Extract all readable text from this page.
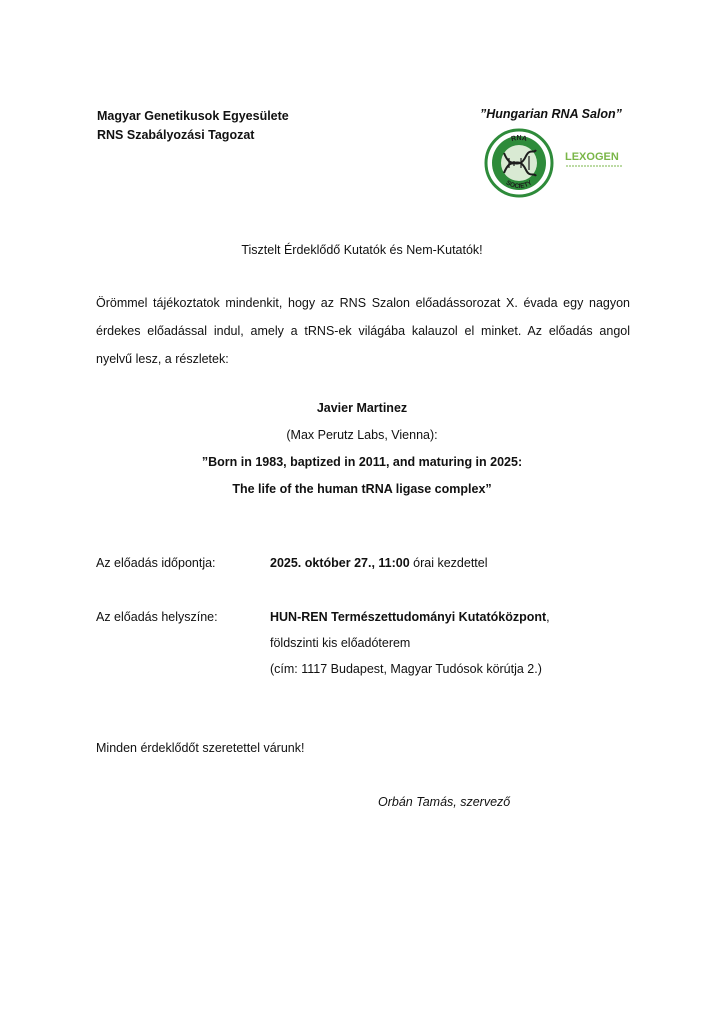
Magyar Genetikusok Egyesülete
RNS Szabályozási Tagozat
”Hungarian RNA Salon”
RNA
SOCIETY
LEXOGEN
Tisztelt Érdeklődő Kutatók és Nem-Kutatók!

Örömmel tájékoztatok mindenkit, hogy az RNS Szalon előadássorozat X. évada egy nagyon

érdekes előadással indul, amely a tRNS-ek világába kalauzol el minket. Az előadás angol

nyelvű lesz, a részletek:

Javier Martinez
(Max Perutz Labs, Vienna):
”Born in 1983, baptized in 2011, and maturing in 2025:
The life of the human tRNA ligase complex”
Az előadás időpontja:	2025. október 27., 11:00 órai kezdettel
Az előadás helyszíne:	HUN-REN Természettudományi Kutatóközpont,
földszinti kis előadóterem
(cím: 1117 Budapest, Magyar Tudósok körútja 2.)
Minden érdeklődőt szeretettel várunk!
Orbán Tamás, szervező
